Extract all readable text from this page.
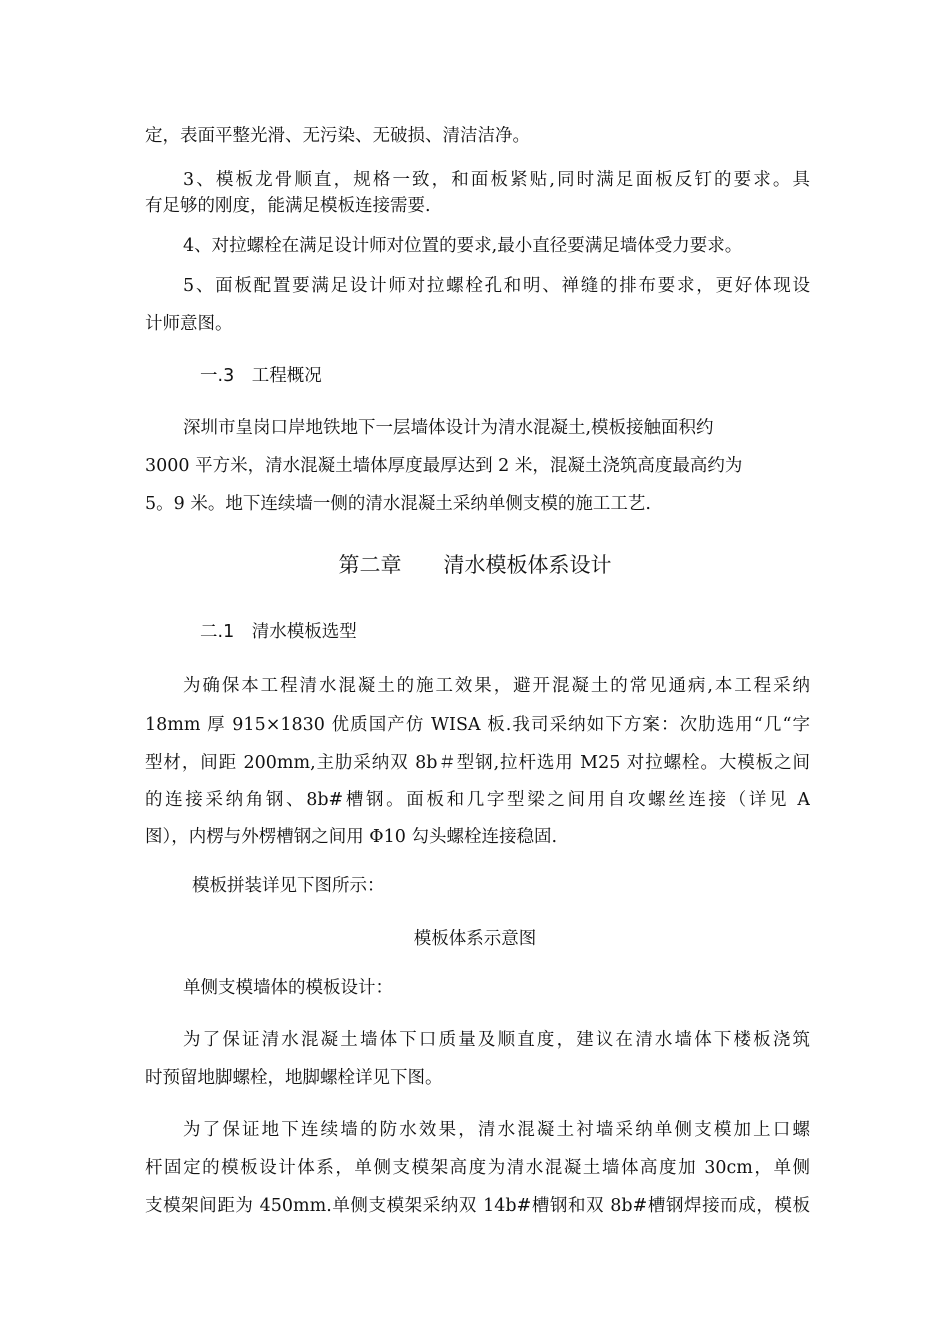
定，表面平整光滑、无污染、无破损、清洁洁净。
3、模板龙骨顺直，规格一致，和面板紧贴,同时满足面板反钉的要求。具
有足够的刚度，能满足模板连接需要.
4、对拉螺栓在满足设计师对位置的要求,最小直径要满足墙体受力要求。
5、面板配置要满足设计师对拉螺栓孔和明、禅缝的排布要求，更好体现设
计师意图。
一.3　工程概况
深圳市皇岗口岸地铁地下一层墙体设计为清水混凝土,模板接触面积约
3000 平方米，清水混凝土墙体厚度最厚达到 2 米，混凝土浇筑高度最高约为
5。9 米。地下连续墙一侧的清水混凝土采纳单侧支模的施工工艺.
第二章　　清水模板体系设计
二.1　清水模板选型
为确保本工程清水混凝土的施工效果，避开混凝土的常见通病,本工程采纳
18mm 厚 915×1830 优质国产仿 WISA 板.我司采纳如下方案：次肋选用“几“字
型材，间距 200mm,主肋采纳双 8b＃型钢,拉杆选用 M25 对拉螺栓。大模板之间
的连接采纳角钢、8b#槽钢。面板和几字型梁之间用自攻螺丝连接（详见 A
图），内楞与外楞槽钢之间用 Φ10 勾头螺栓连接稳固.
模板拼装详见下图所示：
模板体系示意图
单侧支模墙体的模板设计：
为了保证清水混凝土墙体下口质量及顺直度，建议在清水墙体下楼板浇筑
时预留地脚螺栓，地脚螺栓详见下图。
为了保证地下连续墙的防水效果，清水混凝土衬墙采纳单侧支模加上口螺
杆固定的模板设计体系，单侧支模架高度为清水混凝土墙体高度加 30cm，单侧
支模架间距为 450mm.单侧支模架采纳双 14b#槽钢和双 8b#槽钢焊接而成，模板
